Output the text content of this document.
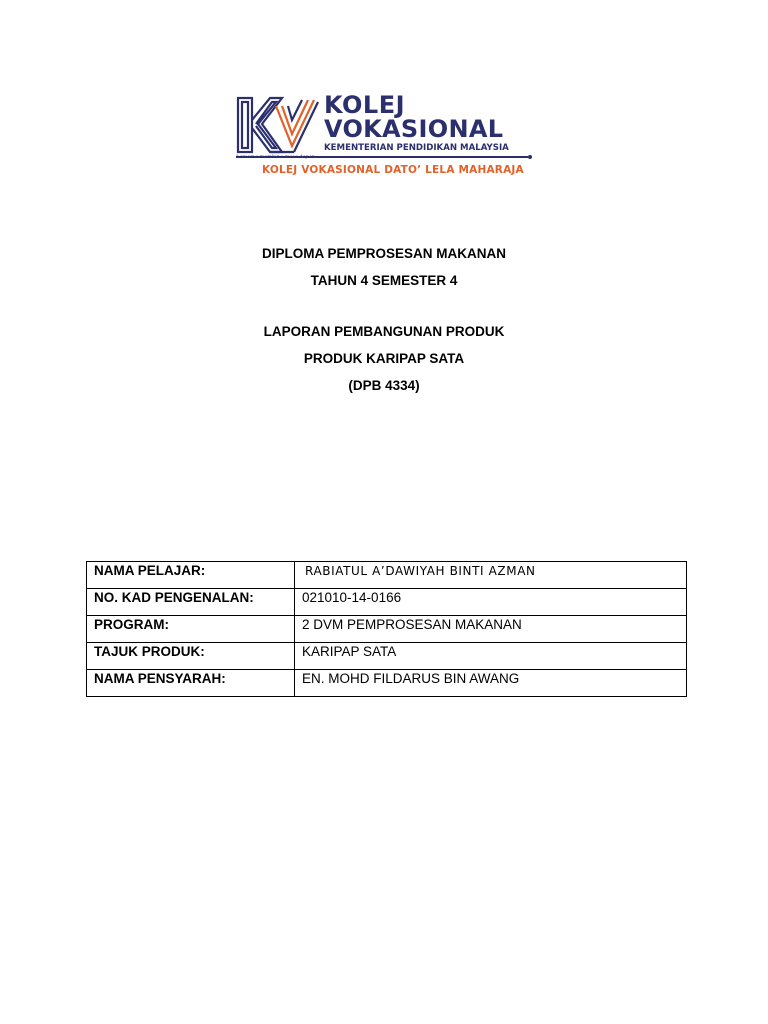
KOLEJ
VOKASIONAL
KEMENTERIAN PENDIDIKAN MALAYSIA
KOLEJ VOKASIONAL DATO’ LELA MAHARAJA
DIPLOMA PEMPROSESAN MAKANAN
TAHUN 4 SEMESTER 4
LAPORAN PEMBANGUNAN PRODUK
PRODUK KARIPAP SATA
(DPB 4334)
NAMA PELAJAR:	RABIATUL A’DAWIYAH BINTI AZMAN
NO. KAD PENGENALAN:	021010-14-0166
PROGRAM:	2 DVM PEMPROSESAN MAKANAN
TAJUK PRODUK:	KARIPAP SATA
NAMA PENSYARAH:	EN. MOHD FILDARUS BIN AWANG
